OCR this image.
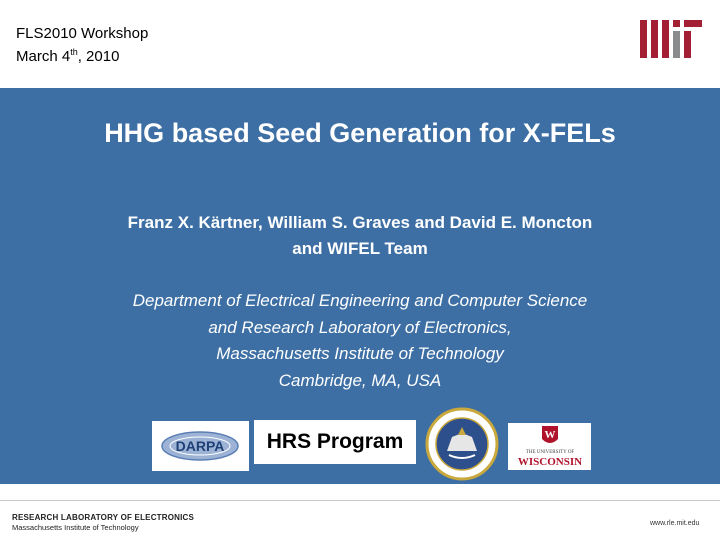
FLS2010 Workshop
March 4th, 2010
HHG based Seed Generation for X-FELs
Franz X. Kärtner, William S. Graves and David E. Moncton
and WIFEL Team
Department of Electrical Engineering and Computer Science
and Research Laboratory of Electronics,
Massachusetts Institute of Technology
Cambridge, MA, USA
DARPA	HRS Program	W
THE UNIVERSITY OF
WISCONSIN
RESEARCH LABORATORY OF ELECTRONICS
Massachusetts Institute of Technology	www.rle.mit.edu
